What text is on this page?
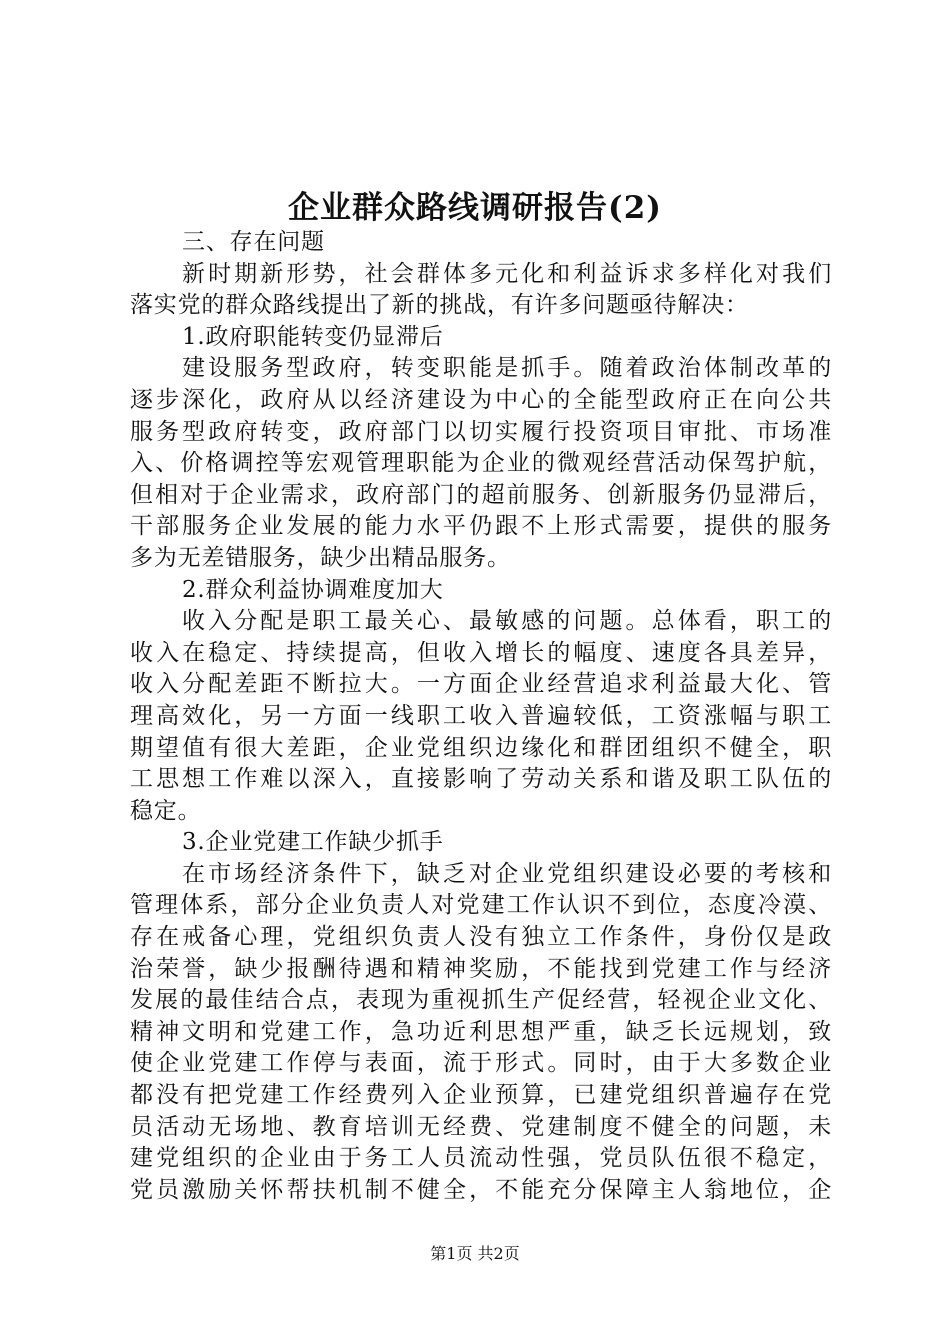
企业群众路线调研报告(2)
三、存在问题
新时期新形势，社会群体多元化和利益诉求多样化对我们
落实党的群众路线提出了新的挑战，有许多问题亟待解决：
1.政府职能转变仍显滞后
建设服务型政府，转变职能是抓手。随着政治体制改革的
逐步深化，政府从以经济建设为中心的全能型政府正在向公共
服务型政府转变，政府部门以切实履行投资项目审批、市场准
入、价格调控等宏观管理职能为企业的微观经营活动保驾护航，
但相对于企业需求，政府部门的超前服务、创新服务仍显滞后，
干部服务企业发展的能力水平仍跟不上形式需要，提供的服务
多为无差错服务，缺少出精品服务。
2.群众利益协调难度加大
收入分配是职工最关心、最敏感的问题。总体看，职工的
收入在稳定、持续提高，但收入增长的幅度、速度各具差异，
收入分配差距不断拉大。一方面企业经营追求利益最大化、管
理高效化，另一方面一线职工收入普遍较低，工资涨幅与职工
期望值有很大差距，企业党组织边缘化和群团组织不健全，职
工思想工作难以深入，直接影响了劳动关系和谐及职工队伍的
稳定。
3.企业党建工作缺少抓手
在市场经济条件下，缺乏对企业党组织建设必要的考核和
管理体系，部分企业负责人对党建工作认识不到位，态度冷漠、
存在戒备心理，党组织负责人没有独立工作条件，身份仅是政
治荣誉，缺少报酬待遇和精神奖励，不能找到党建工作与经济
发展的最佳结合点，表现为重视抓生产促经营，轻视企业文化、
精神文明和党建工作，急功近利思想严重，缺乏长远规划，致
使企业党建工作停与表面，流于形式。同时，由于大多数企业
都没有把党建工作经费列入企业预算，已建党组织普遍存在党
员活动无场地、教育培训无经费、党建制度不健全的问题，未
建党组织的企业由于务工人员流动性强，党员队伍很不稳定，
党员激励关怀帮扶机制不健全，不能充分保障主人翁地位，企
第1页 共2页
